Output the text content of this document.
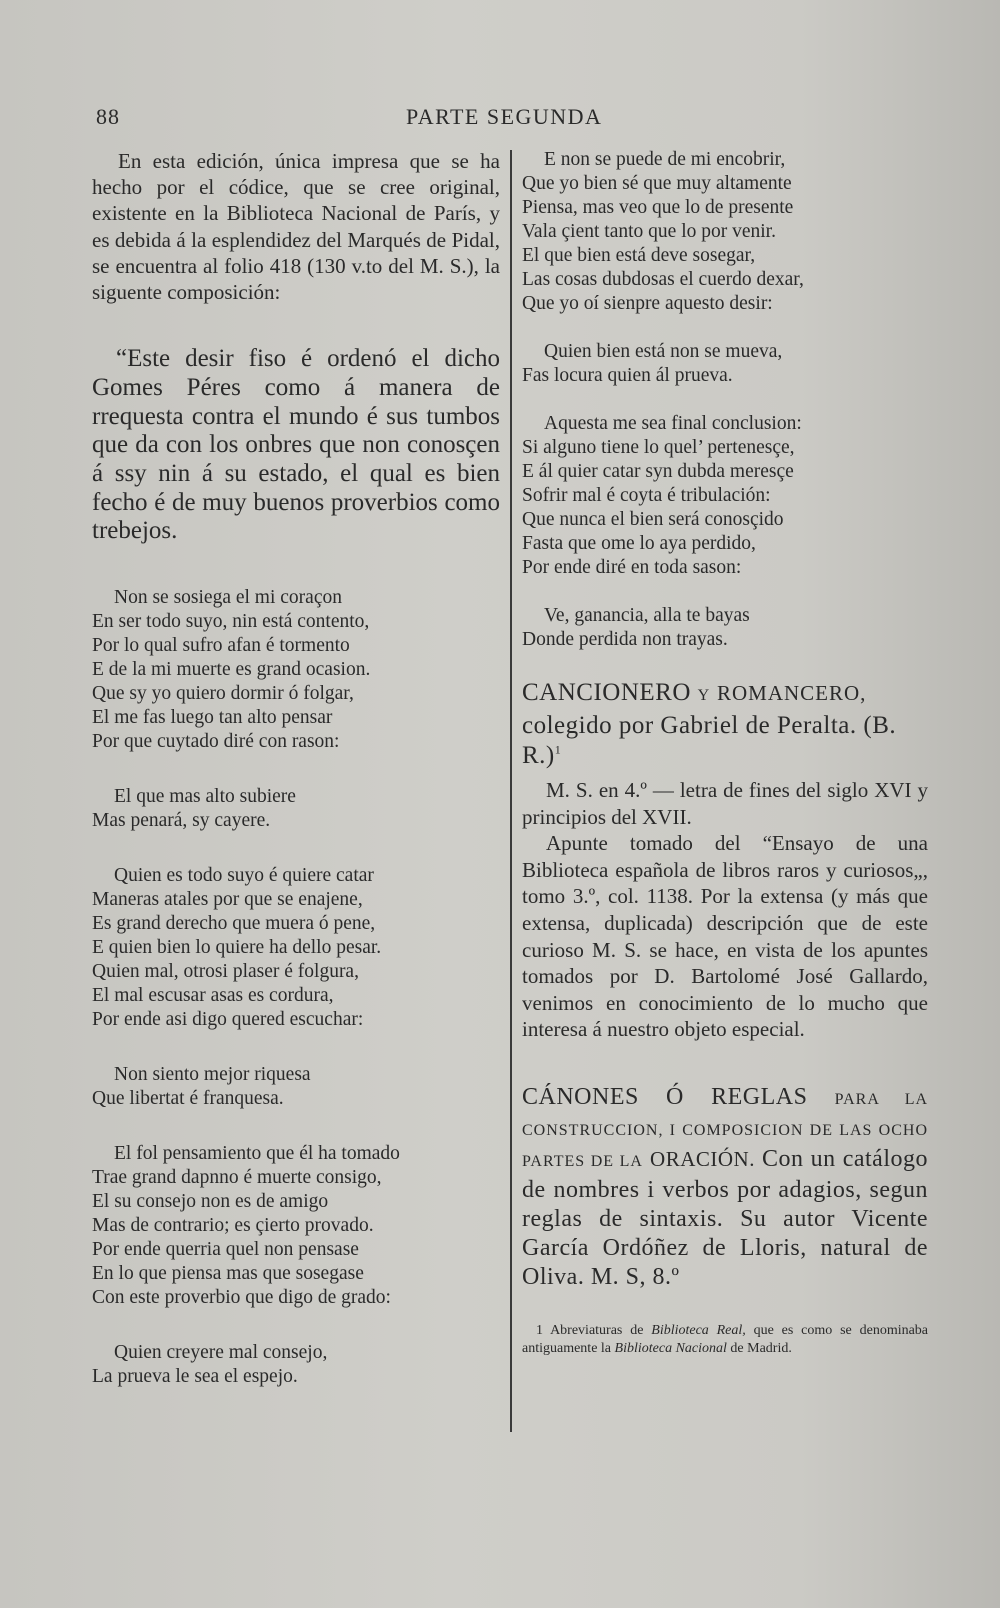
88	PARTE SEGUNDA

En esta edición, única impresa que se ha hecho por el códice, que se cree original, existente en la Biblioteca Nacional de París, y es debida á la esplendidez del Marqués de Pidal, se encuentra al folio 418 (130 v.to del M. S.), la siguente composición:

“Este desir fiso é ordenó el dicho Gomes Péres como á manera de rrequesta contra el mundo é sus tumbos que da con los onbres que non conosçen á ssy nin á su estado, el qual es bien fecho é de muy buenos proverbios como trebejos.

Non se sosiega el mi coraçon
En ser todo suyo, nin está contento,
Por lo qual sufro afan é tormento
E de la mi muerte es grand ocasion.
Que sy yo quiero dormir ó folgar,
El me fas luego tan alto pensar
Por que cuytado diré con rason:
El que mas alto subiere
Mas penará, sy cayere.
Quien es todo suyo é quiere catar
Maneras atales por que se enajene,
Es grand derecho que muera ó pene,
E quien bien lo quiere ha dello pesar.
Quien mal, otrosi plaser é folgura,
El mal escusar asas es cordura,
Por ende asi digo quered escuchar:
Non siento mejor riquesa
Que libertat é franquesa.
El fol pensamiento que él ha tomado
Trae grand dapnno é muerte consigo,
El su consejo non es de amigo
Mas de contrario; es çierto provado.
Por ende querria quel non pensase
En lo que piensa mas que sosegase
Con este proverbio que digo de grado:
Quien creyere mal consejo,
La prueva le sea el espejo.
E non se puede de mi encobrir,
Que yo bien sé que muy altamente
Piensa, mas veo que lo de presente
Vala çient tanto que lo por venir.
El que bien está deve sosegar,
Las cosas dubdosas el cuerdo dexar,
Que yo oí sienpre aquesto desir:
Quien bien está non se mueva,
Fas locura quien ál prueva.
Aquesta me sea final conclusion:
Si alguno tiene lo quel’ pertenesçe,
E ál quier catar syn dubda meresçe
Sofrir mal é coyta é tribulación:
Que nunca el bien será conosçido
Fasta que ome lo aya perdido,
Por ende diré en toda sason:
Ve, ganancia, alla te bayas
Donde perdida non trayas.

CANCIONERO Y ROMANCERO, colegido por Gabriel de Peralta. (B. R.)$^1$

M. S. en 4.º — letra de fines del siglo XVI y principios del XVII.

Apunte tomado del “Ensayo de una Biblioteca española de libros raros y curiosos„, tomo 3.º, col. 1138. Por la extensa (y más que extensa, duplicada) descripción que de este curioso M. S. se hace, en vista de los apuntes tomados por D. Bartolomé José Gallardo, venimos en conocimiento de lo mucho que interesa á nuestro objeto especial.

CÁNONES Ó REGLAS PARA LA CONSTRUCCION, I COMPOSICION DE LAS OCHO PARTES DE LA ORACIÓN. Con un catálogo de nombres i verbos por adagios, segun reglas de sintaxis. Su autor Vicente García Ordóñez de Lloris, natural de Oliva. M. S, 8.º

1 Abreviaturas de Biblioteca Real, que es como se denominaba antiguamente la Biblioteca Nacional de Madrid.
